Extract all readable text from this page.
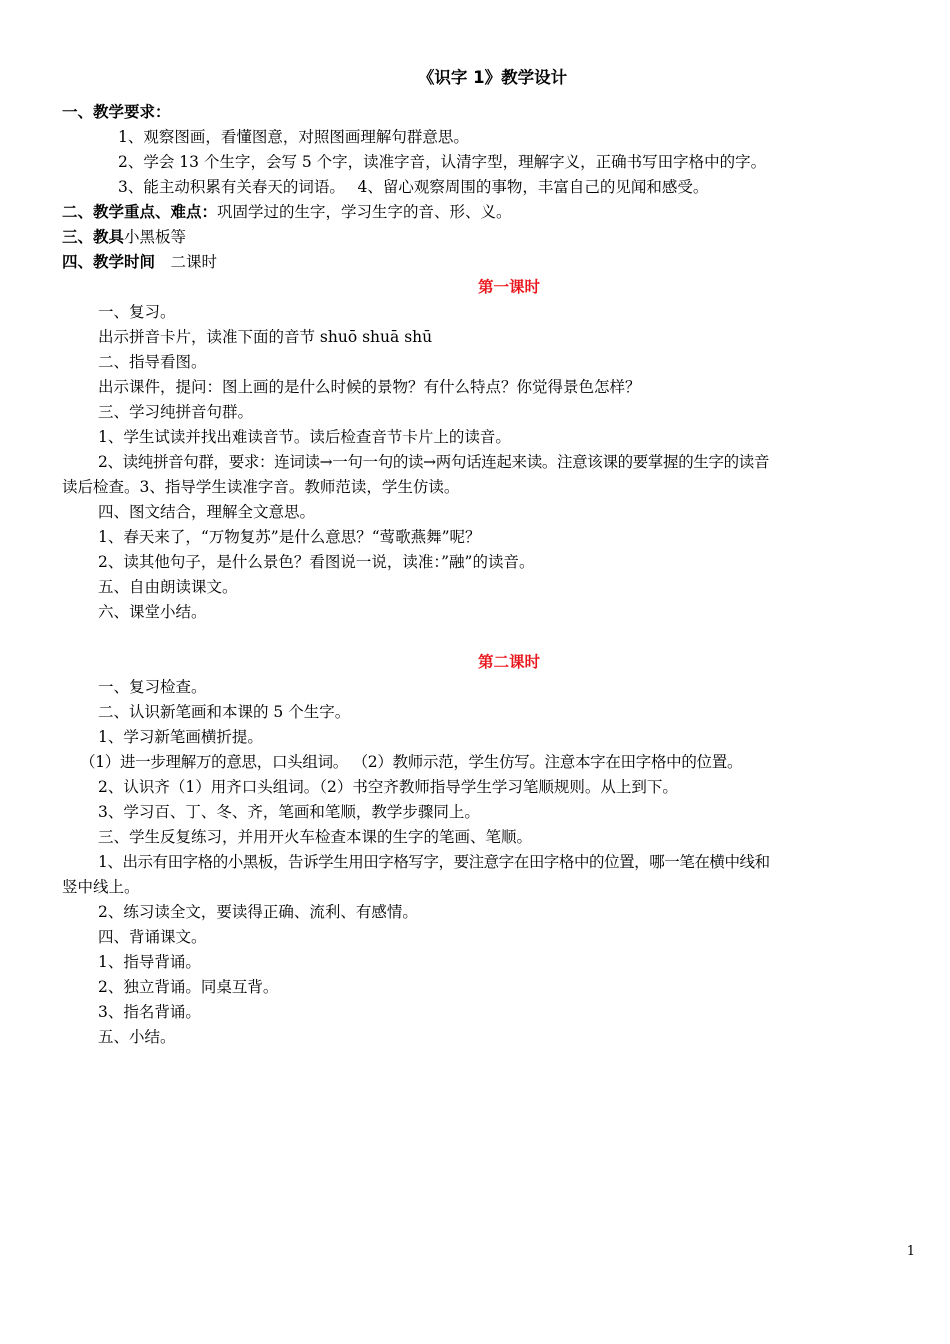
《识字 1》教学设计
一、教学要求：
1、观察图画，看懂图意，对照图画理解句群意思。
2、学会 13 个生字，会写 5 个字，读准字音，认清字型，理解字义，正确书写田字格中的字。
3、能主动积累有关春天的词语。　 4、留心观察周围的事物，丰富自己的见闻和感受。
二、教学重点、难点：巩固学过的生字，学习生字的音、形、义。
三、教具小黑板等
四、教学时间　二课时
第一课时
一、复习。
出示拼音卡片，读准下面的音节 shuō shuā shū
二、指导看图。
出示课件，提问：图上画的是什么时候的景物？有什么特点？你觉得景色怎样？
三、学习纯拼音句群。
1、学生试读并找出难读音节。读后检查音节卡片上的读音。
2、读纯拼音句群，要求：连词读→一句一句的读→两句话连起来读。注意该课的要掌握的生字的读音
读后检查。3、指导学生读准字音。教师范读，学生仿读。
四、图文结合，理解全文意思。
1、春天来了，“万物复苏”是什么意思？“莺歌燕舞”呢？
2、读其他句子，是什么景色？看图说一说，读准：”融”的读音。
五、自由朗读课文。
六、课堂小结。
第二课时
一、复习检查。
二、认识新笔画和本课的 5 个生字。
1、学习新笔画横折提。
（1）进一步理解万的意思，口头组词。 （2）教师示范，学生仿写。注意本字在田字格中的位置。
2、认识齐（1）用齐口头组词。（2）书空齐教师指导学生学习笔顺规则。从上到下。
3、学习百、丁、冬、齐，笔画和笔顺，教学步骤同上。
三、学生反复练习，并用开火车检查本课的生字的笔画、笔顺。
1、出示有田字格的小黑板，告诉学生用田字格写字，要注意字在田字格中的位置，哪一笔在横中线和
竖中线上。
2、练习读全文，要读得正确、流利、有感情。
四、背诵课文。
1、指导背诵。
2、独立背诵。同桌互背。
3、指名背诵。
五、小结。
1
